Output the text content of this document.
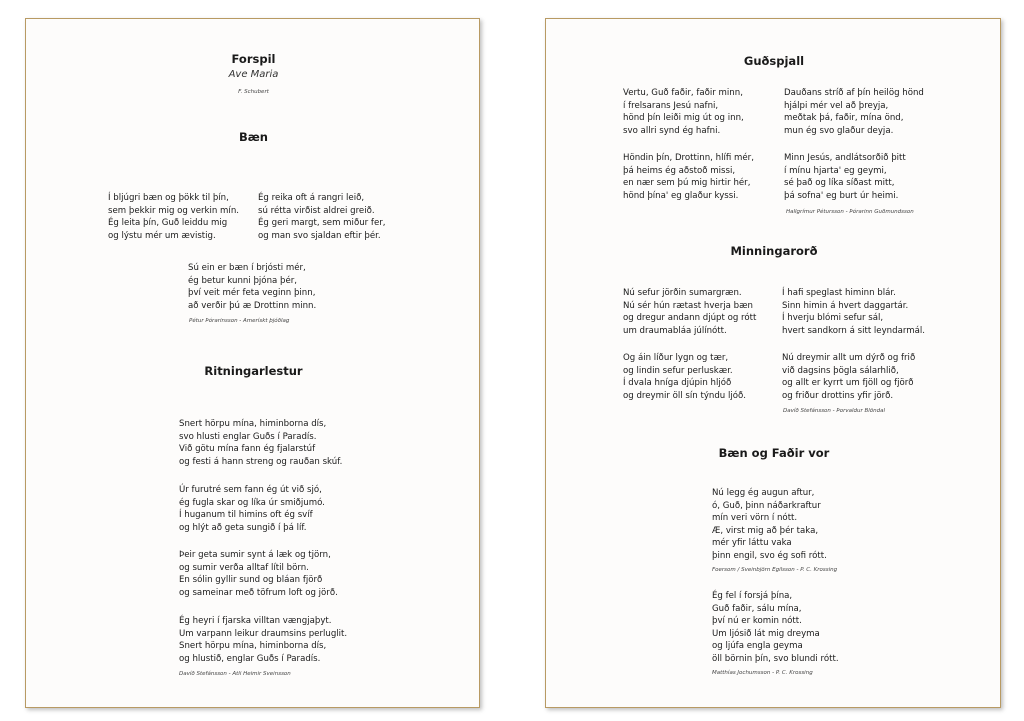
Forspil
Ave Maria
F. Schubert
Bæn
Í bljúgri bæn og þökk til þín,
sem þekkir mig og verkin mín.
Ég leita þín, Guð leiddu mig
og lýstu mér um ævistig.
Ég reika oft á rangri leið,
sú rétta virðist aldrei greið.
Ég geri margt, sem miður fer,
og man svo sjaldan eftir þér.
Sú ein er bæn í brjósti mér,
ég betur kunni þjóna þér,
því veit mér feta veginn þinn,
að verðir þú æ Drottinn minn.
Pétur Þórarinsson - Amerískt þjóðlag
Ritningarlestur
Snert hörpu mína, himinborna dís,
svo hlusti englar Guðs í Paradís.
Við götu mína fann ég fjalarstúf
og festi á hann streng og rauðan skúf.
Úr furutré sem fann ég út við sjó,
ég fugla skar og líka úr smiðjumó.
Í huganum til himins oft ég svíf
og hlýt að geta sungið í þá líf.
Þeir geta sumir synt á læk og tjörn,
og sumir verða alltaf lítil börn.
En sólin gyllir sund og bláan fjörð
og sameinar með töfrum loft og jörð.
Ég heyri í fjarska villtan vængjaþyt.
Um varpann leikur draumsins perluglit.
Snert hörpu mína, himinborna dís,
og hlustið, englar Guðs í Paradís.
Davíð Stefánsson - Atli Heimir Sveinsson
Guðspjall
Vertu, Guð faðir, faðir minn,
í frelsarans Jesú nafni,
hönd þín leiði mig út og inn,
svo allri synd ég hafni.
Höndin þín, Drottinn, hlífi mér,
þá heims ég aðstoð missi,
en nær sem þú mig hirtir hér,
hönd þína' eg glaður kyssi.
Dauðans stríð af þín heilög hönd
hjálpi mér vel að þreyja,
meðtak þá, faðir, mína önd,
mun ég svo glaður deyja.
Minn Jesús, andlátsorðið þitt
í mínu hjarta' eg geymi,
sé það og líka síðast mitt,
þá sofna' eg burt úr heimi.
Hallgrímur Pétursson - Þórarinn Guðmundsson
Minningarorð
Nú sefur jörðin sumargræn.
Nú sér hún rætast hverja bæn
og dregur andann djúpt og rótt
um draumabláa júlínótt.
Og áin líður lygn og tær,
og lindin sefur perluskær.
Í dvala hníga djúpin hljóð
og dreymir öll sín týndu ljóð.
Í hafi speglast himinn blár.
Sinn himin á hvert daggartár.
Í hverju blómi sefur sál,
hvert sandkorn á sitt leyndarmál.
Nú dreymir allt um dýrð og frið
við dagsins þögla sálarhlið,
og allt er kyrrt um fjöll og fjörð
og friður drottins yfir jörð.
Davíð Stefánsson - Þorvaldur Blöndal
Bæn og Faðir vor
Nú legg ég augun aftur,
ó, Guð, þinn náðarkraftur
mín veri vörn í nótt.
Æ, virst mig að þér taka,
mér yfir láttu vaka
þinn engil, svo ég sofi rótt.
Foersom / Sveinbjörn Egilsson - P. C. Krossing
Ég fel í forsjá þína,
Guð faðir, sálu mína,
því nú er komin nótt.
Um ljósið lát mig dreyma
og ljúfa engla geyma
öll börnin þín, svo blundi rótt.
Matthías Jochumsson - P. C. Krossing
